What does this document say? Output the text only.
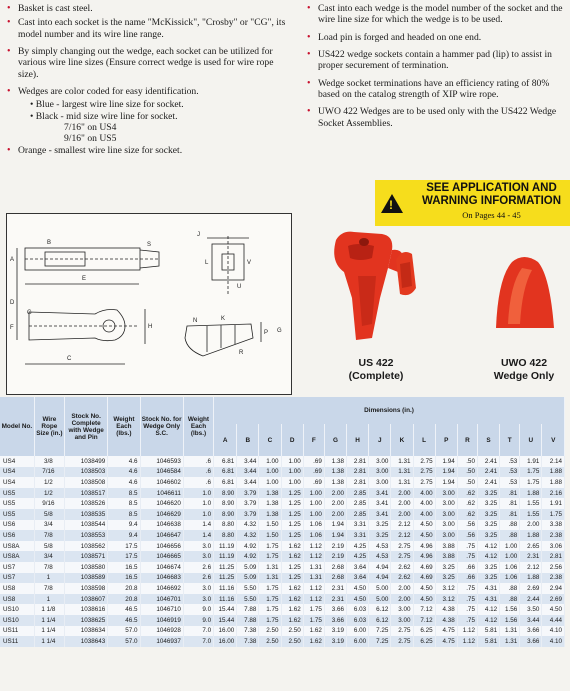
• Basket is cast steel.
• Cast into each socket is the name "McKissick", "Crosby" or "CG", its model number and its wire line range.
• By simply changing out the wedge, each socket can be utilized for various wire line sizes (Ensure correct wedge is used for wire rope size).
• Wedges are color coded for easy identification.
• Blue - largest wire line size for socket.
• Black - mid size wire line for socket.
7/16" on US4
9/16" on US5
• Orange - smallest wire line size for socket.
• Cast into each wedge is the model number of the socket and the wire line size for which the wedge is to be used.
• Load pin is forged and headed on one end.
• US422 wedge sockets contain a hammer pad (lip) to assist in proper securement of termination.
• Wedge socket terminations have an efficiency rating of 80% based on the catalog strength of XIP wire rope.
• UWO 422 Wedges are to be used only with the US422 Wedge Socket Assemblies.
!
SEE APPLICATION AND
WARNING INFORMATION
On Pages 44 - 45
B	S
A
E
D
G
F
C
H
J
V
L
U
N	K
P
R
G
US 422
(Complete)
UWO 422
Wedge Only
Model No.	Wire Rope Size (in.)	Stock No. Complete with Wedge and Pin	Weight Each (lbs.)	Stock No. for Wedge Only S.C.	Weight Each (lbs.)	Dimensions (in.)															
						A	B	C	D	F	G	H	J	K	L	P	R	S	T	U	V
US4	3/8	1038499	4.6	1046593	.6	6.81	3.44	1.00	1.00	.69	1.38	2.81	3.00	1.31	2.75	1.94	.50	2.41	.53	1.91	2.14
US4	7/16	1038503	4.6	1046584	.6	6.81	3.44	1.00	1.00	.69	1.38	2.81	3.00	1.31	2.75	1.94	.50	2.41	.53	1.75	1.88
US4	1/2	1038508	4.6	1046602	.6	6.81	3.44	1.00	1.00	.69	1.38	2.81	3.00	1.31	2.75	1.94	.50	2.41	.53	1.75	1.88
US5	1/2	1038517	8.5	1046611	1.0	8.90	3.79	1.38	1.25	1.00	2.00	2.85	3.41	2.00	4.00	3.00	.62	3.25	.81	1.88	2.16
US5	9/16	1038526	8.5	1046620	1.0	8.90	3.79	1.38	1.25	1.00	2.00	2.85	3.41	2.00	4.00	3.00	.62	3.25	.81	1.55	1.91
US5	5/8	1038535	8.5	1046629	1.0	8.90	3.79	1.38	1.25	1.00	2.00	2.85	3.41	2.00	4.00	3.00	.62	3.25	.81	1.55	1.75
US6	3/4	1038544	9.4	1046638	1.4	8.80	4.32	1.50	1.25	1.06	1.94	3.31	3.25	2.12	4.50	3.00	.56	3.25	.88	2.00	3.38
US6	7/8	1038553	9.4	1046647	1.4	8.80	4.32	1.50	1.25	1.06	1.94	3.31	3.25	2.12	4.50	3.00	.56	3.25	.88	1.88	2.38
US8A	5/8	1038562	17.5	1046656	3.0	11.19	4.92	1.75	1.62	1.12	2.19	4.25	4.53	2.75	4.96	3.88	.75	4.12	1.00	2.65	3.06
US8A	3/4	1038571	17.5	1046665	3.0	11.19	4.92	1.75	1.62	1.12	2.19	4.25	4.53	2.75	4.96	3.88	.75	4.12	1.00	2.31	2.81
US7	7/8	1038580	16.5	1046674	2.6	11.25	5.09	1.31	1.25	1.31	2.68	3.64	4.94	2.62	4.69	3.25	.66	3.25	1.06	2.12	2.56
US7	1	1038589	16.5	1046683	2.6	11.25	5.09	1.31	1.25	1.31	2.68	3.64	4.94	2.62	4.69	3.25	.66	3.25	1.06	1.88	2.38
US8	7/8	1038598	20.8	1046692	3.0	11.16	5.50	1.75	1.62	1.12	2.31	4.50	5.00	2.00	4.50	3.12	.75	4.31	.88	2.69	2.94
US8	1	1038607	20.8	1046701	3.0	11.16	5.50	1.75	1.62	1.12	2.31	4.50	5.00	2.00	4.50	3.12	.75	4.31	.88	2.44	2.69
US10	1 1/8	1038616	46.5	1046710	9.0	15.44	7.88	1.75	1.62	1.75	3.66	6.03	6.12	3.00	7.12	4.38	.75	4.12	1.56	3.50	4.50
US10	1 1/4	1038625	46.5	1046919	9.0	15.44	7.88	1.75	1.62	1.75	3.66	6.03	6.12	3.00	7.12	4.38	.75	4.12	1.56	3.44	4.44
US11	1 1/4	1038634	57.0	1046928	7.0	16.00	7.38	2.50	2.50	1.62	3.19	6.00	7.25	2.75	6.25	4.75	1.12	5.81	1.31	3.66	4.10
US11	1 1/4	1038643	57.0	1046937	7.0	16.00	7.38	2.50	2.50	1.62	3.19	6.00	7.25	2.75	6.25	4.75	1.12	5.81	1.31	3.66	4.10
